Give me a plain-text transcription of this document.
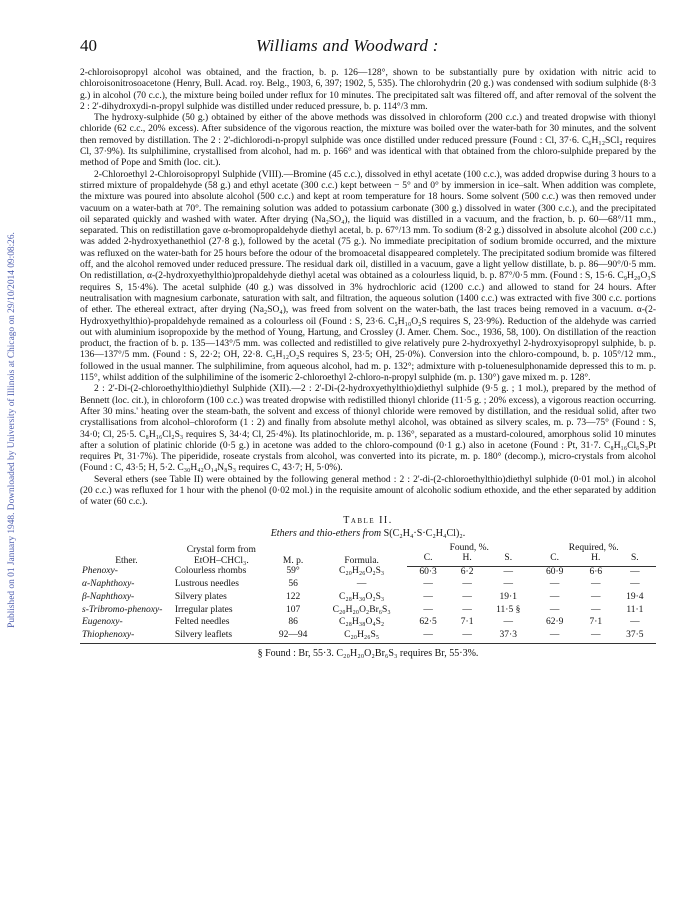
Published on 01 January 1948. Downloaded by University of Illinois at Chicago on 29/10/2014 09:08:26.
40	Williams and Woodward :

2-chloroisopropyl alcohol was obtained, and the fraction, b. p. 126—128°, shown to be substantially pure by oxidation with nitric acid to chloroisonitrosoacetone (Henry, Bull. Acad. roy. Belg., 1903, 6, 397; 1902, 5, 535). The chlorohydrin (20 g.) was condensed with sodium sulphide (8·3 g.) in alcohol (70 c.c.), the mixture being boiled under reflux for 10 minutes. The precipitated salt was filtered off, and after removal of the solvent the 2 : 2'-dihydroxydi-n-propyl sulphide was distilled under reduced pressure, b. p. 114°/3 mm.

The hydroxy-sulphide (50 g.) obtained by either of the above methods was dissolved in chloroform (200 c.c.) and treated dropwise with thionyl chloride (62 c.c., 20% excess). After subsidence of the vigorous reaction, the mixture was boiled over the water-bath for 30 minutes, and the solvent then removed by distillation. The 2 : 2'-dichlorodi-n-propyl sulphide was once distilled under reduced pressure (Found : Cl, 37·6. C₆H₁₂SCl₂ requires Cl, 37·9%). Its sulphilimine, crystallised from alcohol, had m. p. 166° and was identical with that obtained from the chloro-sulphide prepared by the method of Pope and Smith (loc. cit.).

2-Chloroethyl 2-Chloroisopropyl Sulphide (VIII).—Bromine (45 c.c.), dissolved in ethyl acetate (100 c.c.), was added dropwise during 3 hours to a stirred mixture of propaldehyde (58 g.) and ethyl acetate (300 c.c.) kept between − 5° and 0° by immersion in ice–salt. When addition was complete, the mixture was poured into absolute alcohol (500 c.c.) and kept at room temperature for 18 hours. Some solvent (500 c.c.) was then removed under vacuum on a water-bath at 70°. The remaining solution was added to potassium carbonate (300 g.) dissolved in water (300 c.c.), and the precipitated oil separated quickly and washed with water. After drying (Na₂SO₄), the liquid was distilled in a vacuum, and the fraction, b. p. 60—68°/11 mm., separated. This on redistillation gave α-bromopropaldehyde diethyl acetal, b. p. 67°/13 mm. To sodium (8·2 g.) dissolved in absolute alcohol (200 c.c.) was added 2-hydroxyethanethiol (27·8 g.), followed by the acetal (75 g.). No immediate precipitation of sodium bromide occurred, and the mixture was refluxed on the water-bath for 25 hours before the odour of the bromoacetal disappeared completely. The precipitated sodium bromide was filtered off, and the alcohol removed under reduced pressure. The residual dark oil, distilled in a vacuum, gave a light yellow distillate, b. p. 86—90°/0·5 mm. On redistillation, α-(2-hydroxyethylthio)propaldehyde diethyl acetal was obtained as a colourless liquid, b. p. 87°/0·5 mm. (Found : S, 15·6. C₉H₂₀O₃S requires S, 15·4%). The acetal sulphide (40 g.) was dissolved in 3% hydrochloric acid (1200 c.c.) and allowed to stand for 24 hours. After neutralisation with magnesium carbonate, saturation with salt, and filtration, the aqueous solution (1400 c.c.) was extracted with five 300 c.c. portions of ether. The ethereal extract, after drying (Na₂SO₄), was freed from solvent on the water-bath, the last traces being removed in a vacuum. α-(2-Hydroxyethylthio)-propaldehyde remained as a colourless oil (Found : S, 23·6. C₅H₁₀O₂S requires S, 23·9%). Reduction of the aldehyde was carried out with aluminium isopropoxide by the method of Young, Hartung, and Crossley (J. Amer. Chem. Soc., 1936, 58, 100). On distillation of the reaction product, the fraction of b. p. 135—143°/5 mm. was collected and redistilled to give relatively pure 2-hydroxyethyl 2-hydroxyisopropyl sulphide, b. p. 136—137°/5 mm. (Found : S, 22·2; OH, 22·8. C₅H₁₂O₂S requires S, 23·5; OH, 25·0%). Conversion into the chloro-compound, b. p. 105°/12 mm., followed in the usual manner. The sulphilimine, from aqueous alcohol, had m. p. 132°; admixture with p-toluenesulphonamide depressed this to m. p. 115°, whilst addition of the sulphilimine of the isomeric 2-chloroethyl 2-chloro-n-propyl sulphide (m. p. 130°) gave mixed m. p. 128°.

2 : 2'-Di-(2-chloroethylthio)diethyl Sulphide (XII).—2 : 2'-Di-(2-hydroxyethylthio)diethyl sulphide (9·5 g. ; 1 mol.), prepared by the method of Bennett (loc. cit.), in chloroform (100 c.c.) was treated dropwise with redistilled thionyl chloride (11·5 g. ; 20% excess), a vigorous reaction occurring. After 30 mins.' heating over the steam-bath, the solvent and excess of thionyl chloride were removed by distillation, and the residual solid, after two crystallisations from alcohol–chloroform (1 : 2) and finally from absolute methyl alcohol, was obtained as silvery scales, m. p. 73—75° (Found : S, 34·0; Cl, 25·5. C₈H₁₆Cl₂S₃ requires S, 34·4; Cl, 25·4%). Its platinochloride, m. p. 136°, separated as a mustard-coloured, amorphous solid 10 minutes after a solution of platinic chloride (0·5 g.) in acetone was added to the chloro-compound (0·1 g.) also in acetone (Found : Pt, 31·7. C₈H₁₆Cl₆S₃Pt requires Pt, 31·7%). The piperidide, roseate crystals from alcohol, was converted into its picrate, m. p. 180° (decomp.), micro-crystals from alcohol (Found : C, 43·5; H, 5·2. C₃₀H₄₂O₁₄N₈S₃ requires C, 43·7; H, 5·0%).

Several ethers (see Table II) were obtained by the following general method : 2 : 2'-di-(2-chloroethylthio)diethyl sulphide (0·01 mol.) in alcohol (20 c.c.) was refluxed for 1 hour with the phenol (0·02 mol.) in the requisite amount of alcoholic sodium ethoxide, and the ether separated by addition of water (60 c.c.).

Table II.
Ethers and thio-ethers from S(C₂H₄·S·C₂H₄Cl)₂.
Ether.	Crystal form from EtOH–CHCl₃.	M. p.	Formula.	Found, %.			Required, %.		
				C.	H.	S.	C.	H.	S.
Phenoxy-	Colourless rhombs	59°	C₂₀H₂₆O₂S₃	60·3	6·2	—	60·9	6·6	—
α-Naphthoxy-	Lustrous needles	56	—	—	—	—	—	—	—
β-Naphthoxy-	Silvery plates	122	C₂₈H₃₀O₂S₃	—	—	19·1	—	—	19·4
s-Tribromo-phenoxy-	Irregular plates	107	C₂₀H₂₀O₂Br₆S₃	—	—	11·5 §	—	—	11·1
Eugenoxy-	Felted needles	86	C₂₈H₃₈O₄S₂	62·5	7·1	—	62·9	7·1	—
Thiophenoxy-	Silvery leaflets	92—94	C₂₀H₂₆S₅	—	—	37·3	—	—	37·5
§ Found : Br, 55·3. C₂₀H₂₀O₂Br₆S₃ requires Br, 55·3%.
